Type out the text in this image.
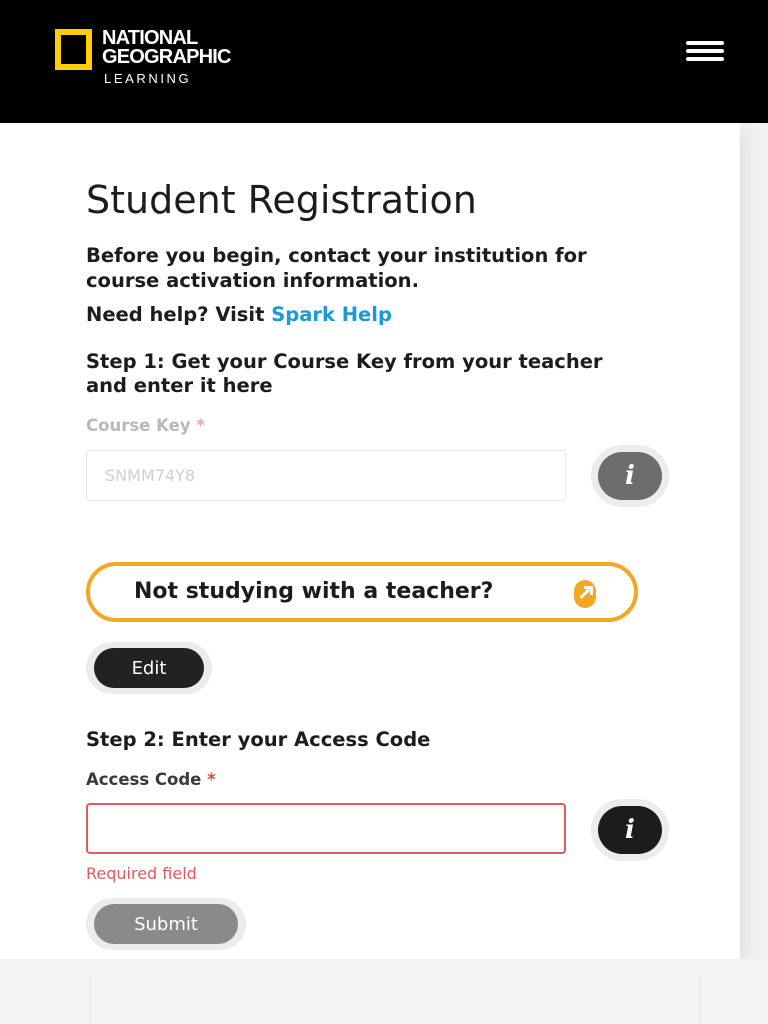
NATIONAL
GEOGRAPHIC
LEARNING
Student Registration

Before you begin, contact your institution for course activation information.

Need help? Visit Spark Help

Step 1: Get your Course Key from your teacher and enter it here

Course Key *
SNMM74Y8
i
Not studying with a teacher?
Edit

Step 2: Enter your Access Code

Access Code *
i
Required field
Submit
